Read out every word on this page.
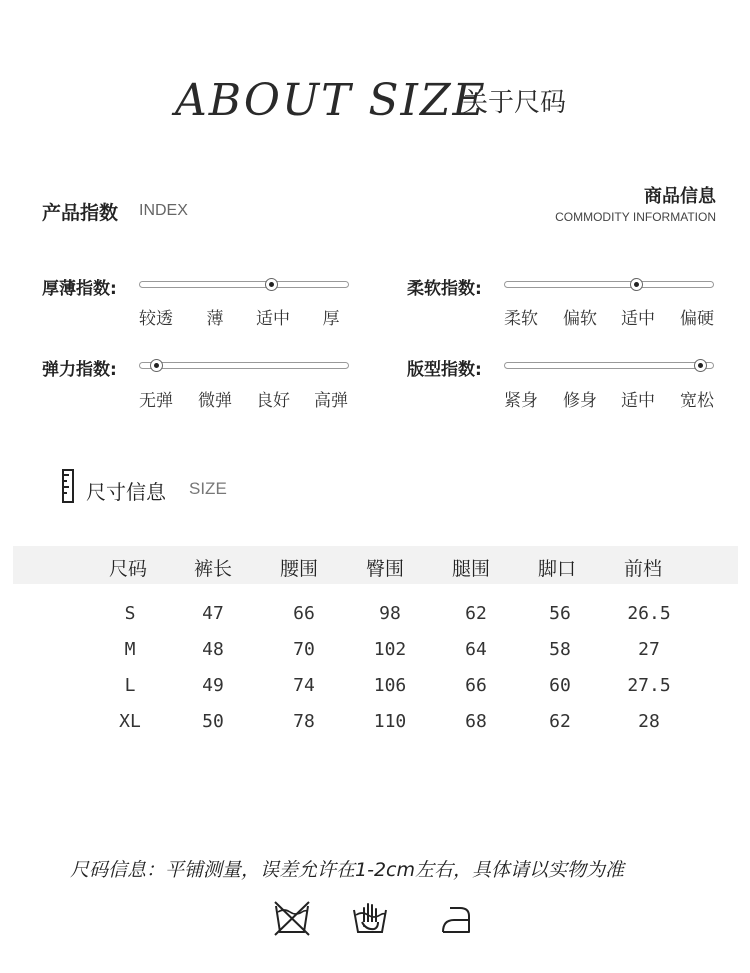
ABOUT SIZE
关于尺码
产品指数 INDEX
商品信息
COMMODITY INFORMATION
厚薄指数:
较透	薄	适中	厚
柔软指数:
柔软	偏软	适中	偏硬
弹力指数:
无弹	微弹	良好	高弹
版型指数:
紧身	修身	适中	宽松
尺寸信息 SIZE
尺码	裤长	腰围	臀围	腿围	脚口	前档
S	47	66	98	62	56	26.5
M	48	70	102	64	58	27
L	49	74	106	66	60	27.5
XL	50	78	110	68	62	28
尺码信息：平铺测量，误差允许在1-2cm左右，具体请以实物为准
